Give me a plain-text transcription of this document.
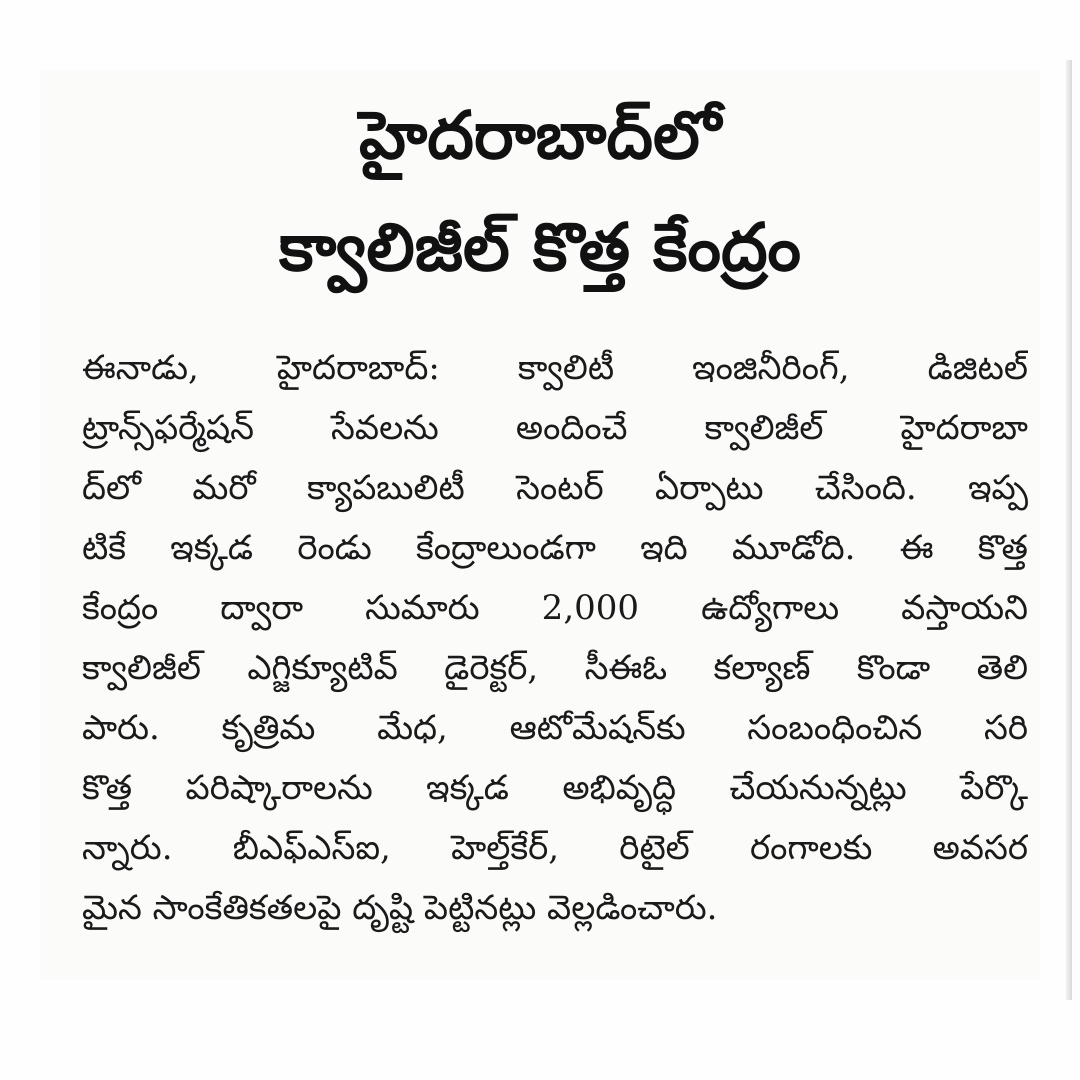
హైదరాబాద్‌లో
క్వాలిజీల్ కొత్త కేంద్రం
ఈనాడు, హైదరాబాద్: క్వాలిటీ ఇంజినీరింగ్, డిజిటల్
ట్రాన్స్‌ఫర్మేషన్ సేవలను అందించే క్వాలిజీల్ హైదరాబా
ద్‌లో మరో క్యాపబులిటీ సెంటర్ ఏర్పాటు చేసింది. ఇప్ప
టికే ఇక్కడ రెండు కేంద్రాలుండగా ఇది మూడోది. ఈ కొత్త
కేంద్రం ద్వారా సుమారు 2,000 ఉద్యోగాలు వస్తాయని
క్వాలిజీల్ ఎగ్జిక్యూటివ్ డైరెక్టర్, సీఈఓ కల్యాణ్ కొండా తెలి
పారు. కృత్రిమ మేధ, ఆటోమేషన్‌కు సంబంధించిన సరి
కొత్త పరిష్కారాలను ఇక్కడ అభివృద్ధి చేయనున్నట్లు పేర్కొ
న్నారు. బీఎఫ్ఎస్ఐ, హెల్త్‌కేర్, రిటైల్ రంగాలకు అవసర
మైన సాంకేతికతలపై దృష్టి పెట్టినట్లు వెల్లడించారు.
